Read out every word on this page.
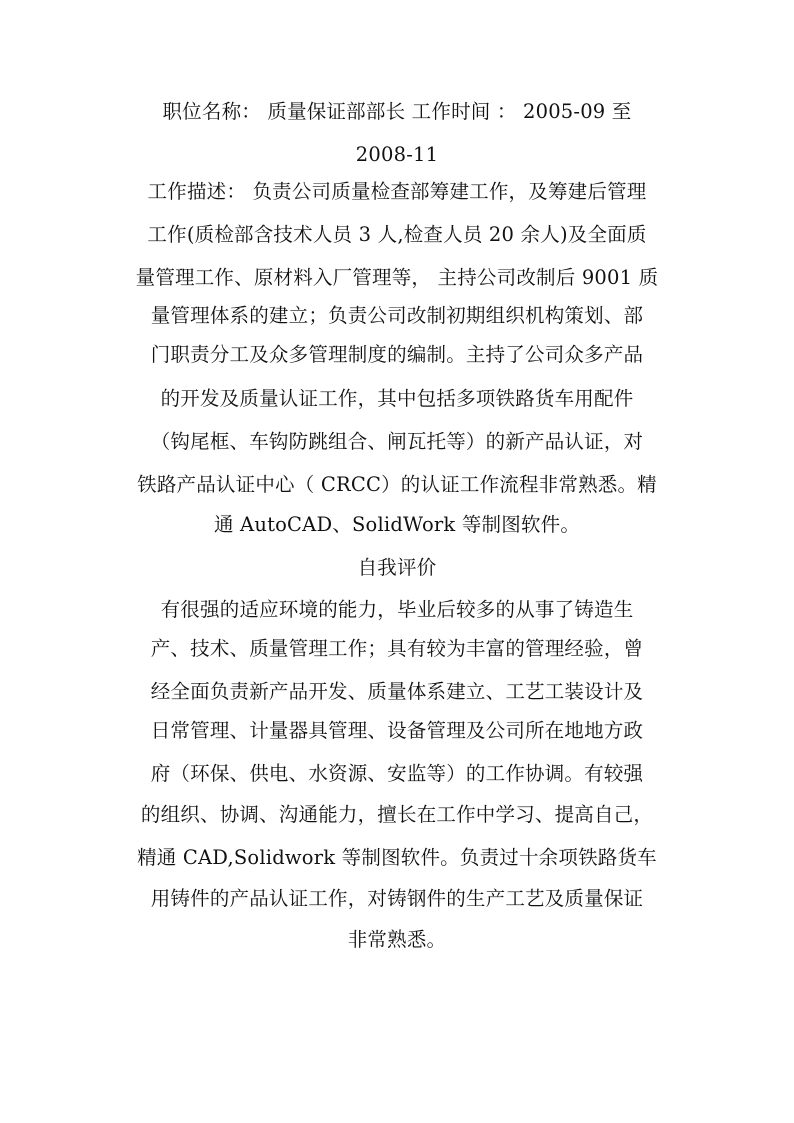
职位名称： 质量保证部部长 工作时间 ： 2005-09 至
2008-11
工作描述： 负责公司质量检查部筹建工作，及筹建后管理
工作(质检部含技术人员 3 人,检查人员 20 余人)及全面质
量管理工作、原材料入厂管理等， 主持公司改制后 9001 质
量管理体系的建立；负责公司改制初期组织机构策划、部
门职责分工及众多管理制度的编制。主持了公司众多产品
的开发及质量认证工作，其中包括多项铁路货车用配件
（钩尾框、车钩防跳组合、闸瓦托等）的新产品认证，对
铁路产品认证中心（ CRCC）的认证工作流程非常熟悉。精
通 AutoCAD、SolidWork 等制图软件。
自我评价
有很强的适应环境的能力，毕业后较多的从事了铸造生
产、技术、质量管理工作；具有较为丰富的管理经验，曾
经全面负责新产品开发、质量体系建立、工艺工装设计及
日常管理、计量器具管理、设备管理及公司所在地地方政
府（环保、供电、水资源、安监等）的工作协调。有较强
的组织、协调、沟通能力，擅长在工作中学习、提高自己，
精通 CAD,Solidwork 等制图软件。负责过十余项铁路货车
用铸件的产品认证工作，对铸钢件的生产工艺及质量保证
非常熟悉。
